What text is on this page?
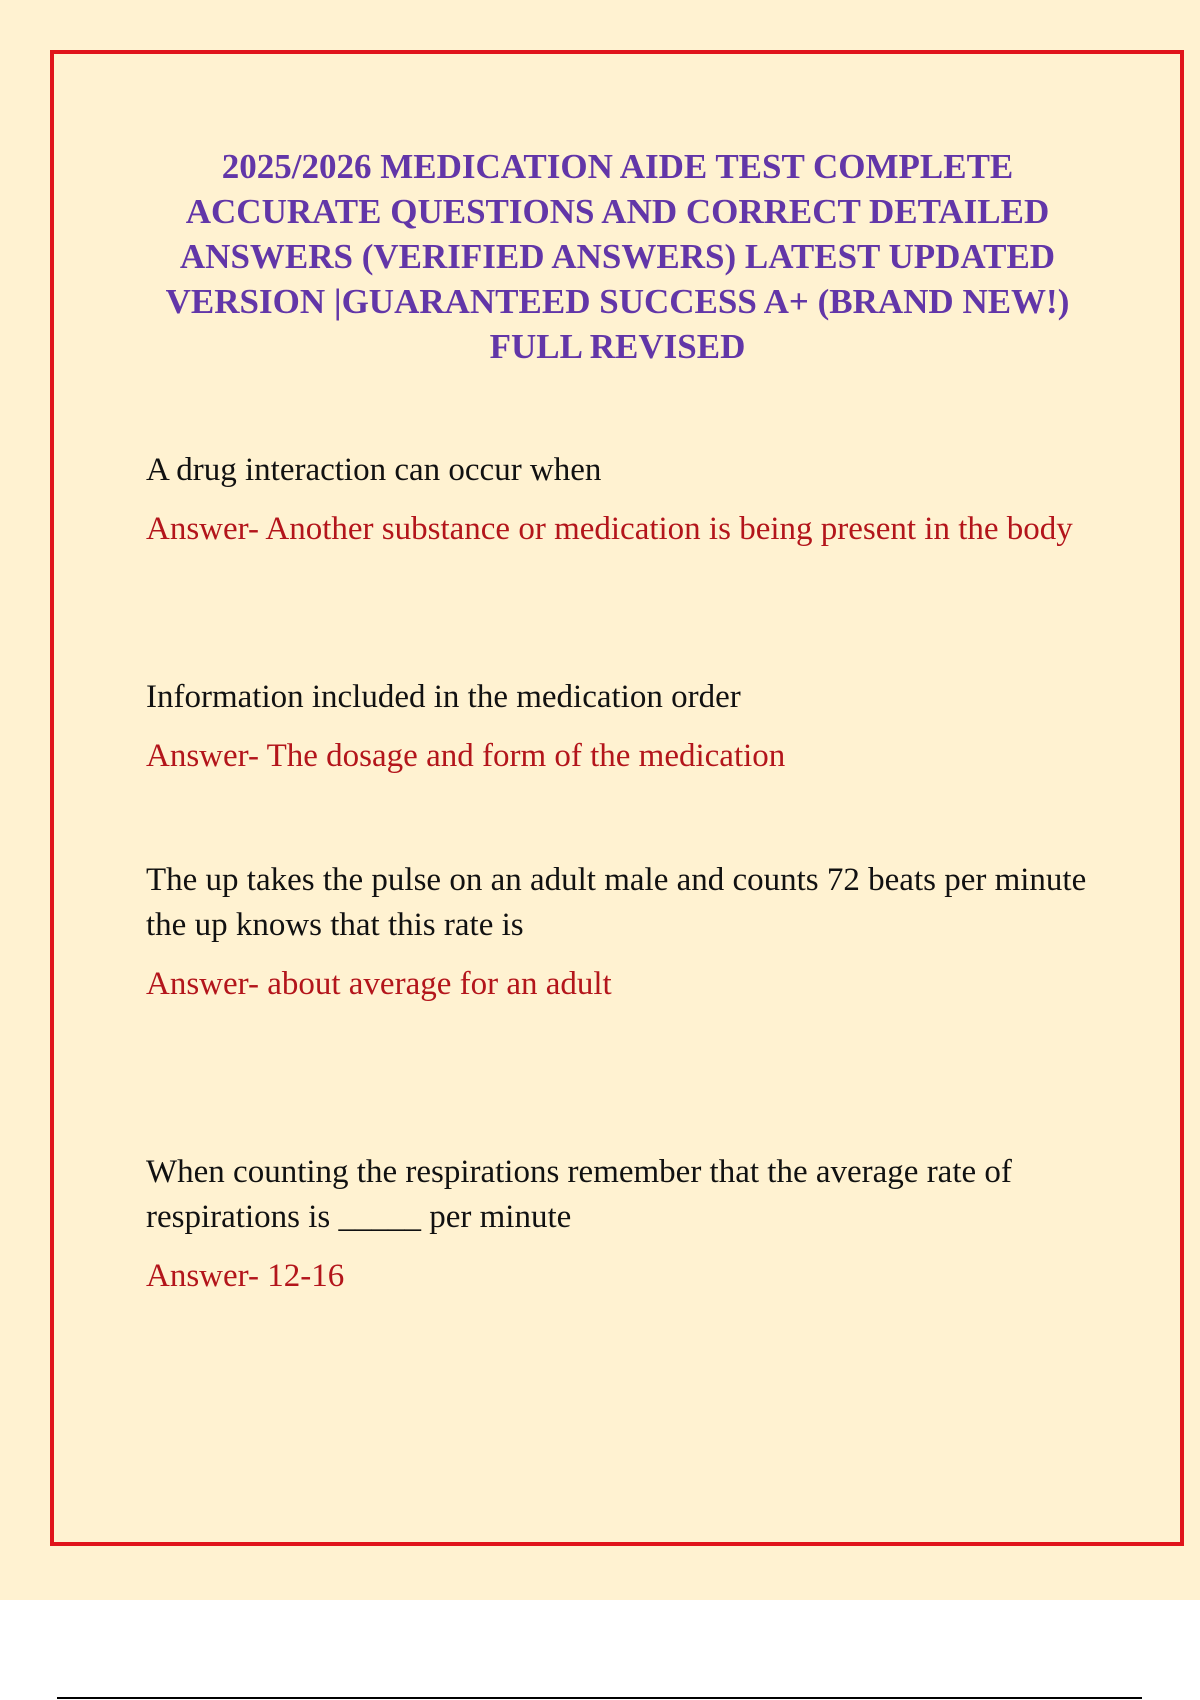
2025/2026 MEDICATION AIDE TEST COMPLETE ACCURATE QUESTIONS AND CORRECT DETAILED ANSWERS (VERIFIED ANSWERS) LATEST UPDATED VERSION |GUARANTEED SUCCESS A+ (BRAND NEW!) FULL REVISED

A drug interaction can occur when

Answer- Another substance or medication is being present in the body

Information included in the medication order

Answer- The dosage and form of the medication

The up takes the pulse on an adult male and counts 72 beats per minute the up knows that this rate is

Answer- about average for an adult

When counting the respirations remember that the average rate of respirations is _____ per minute

Answer- 12-16
